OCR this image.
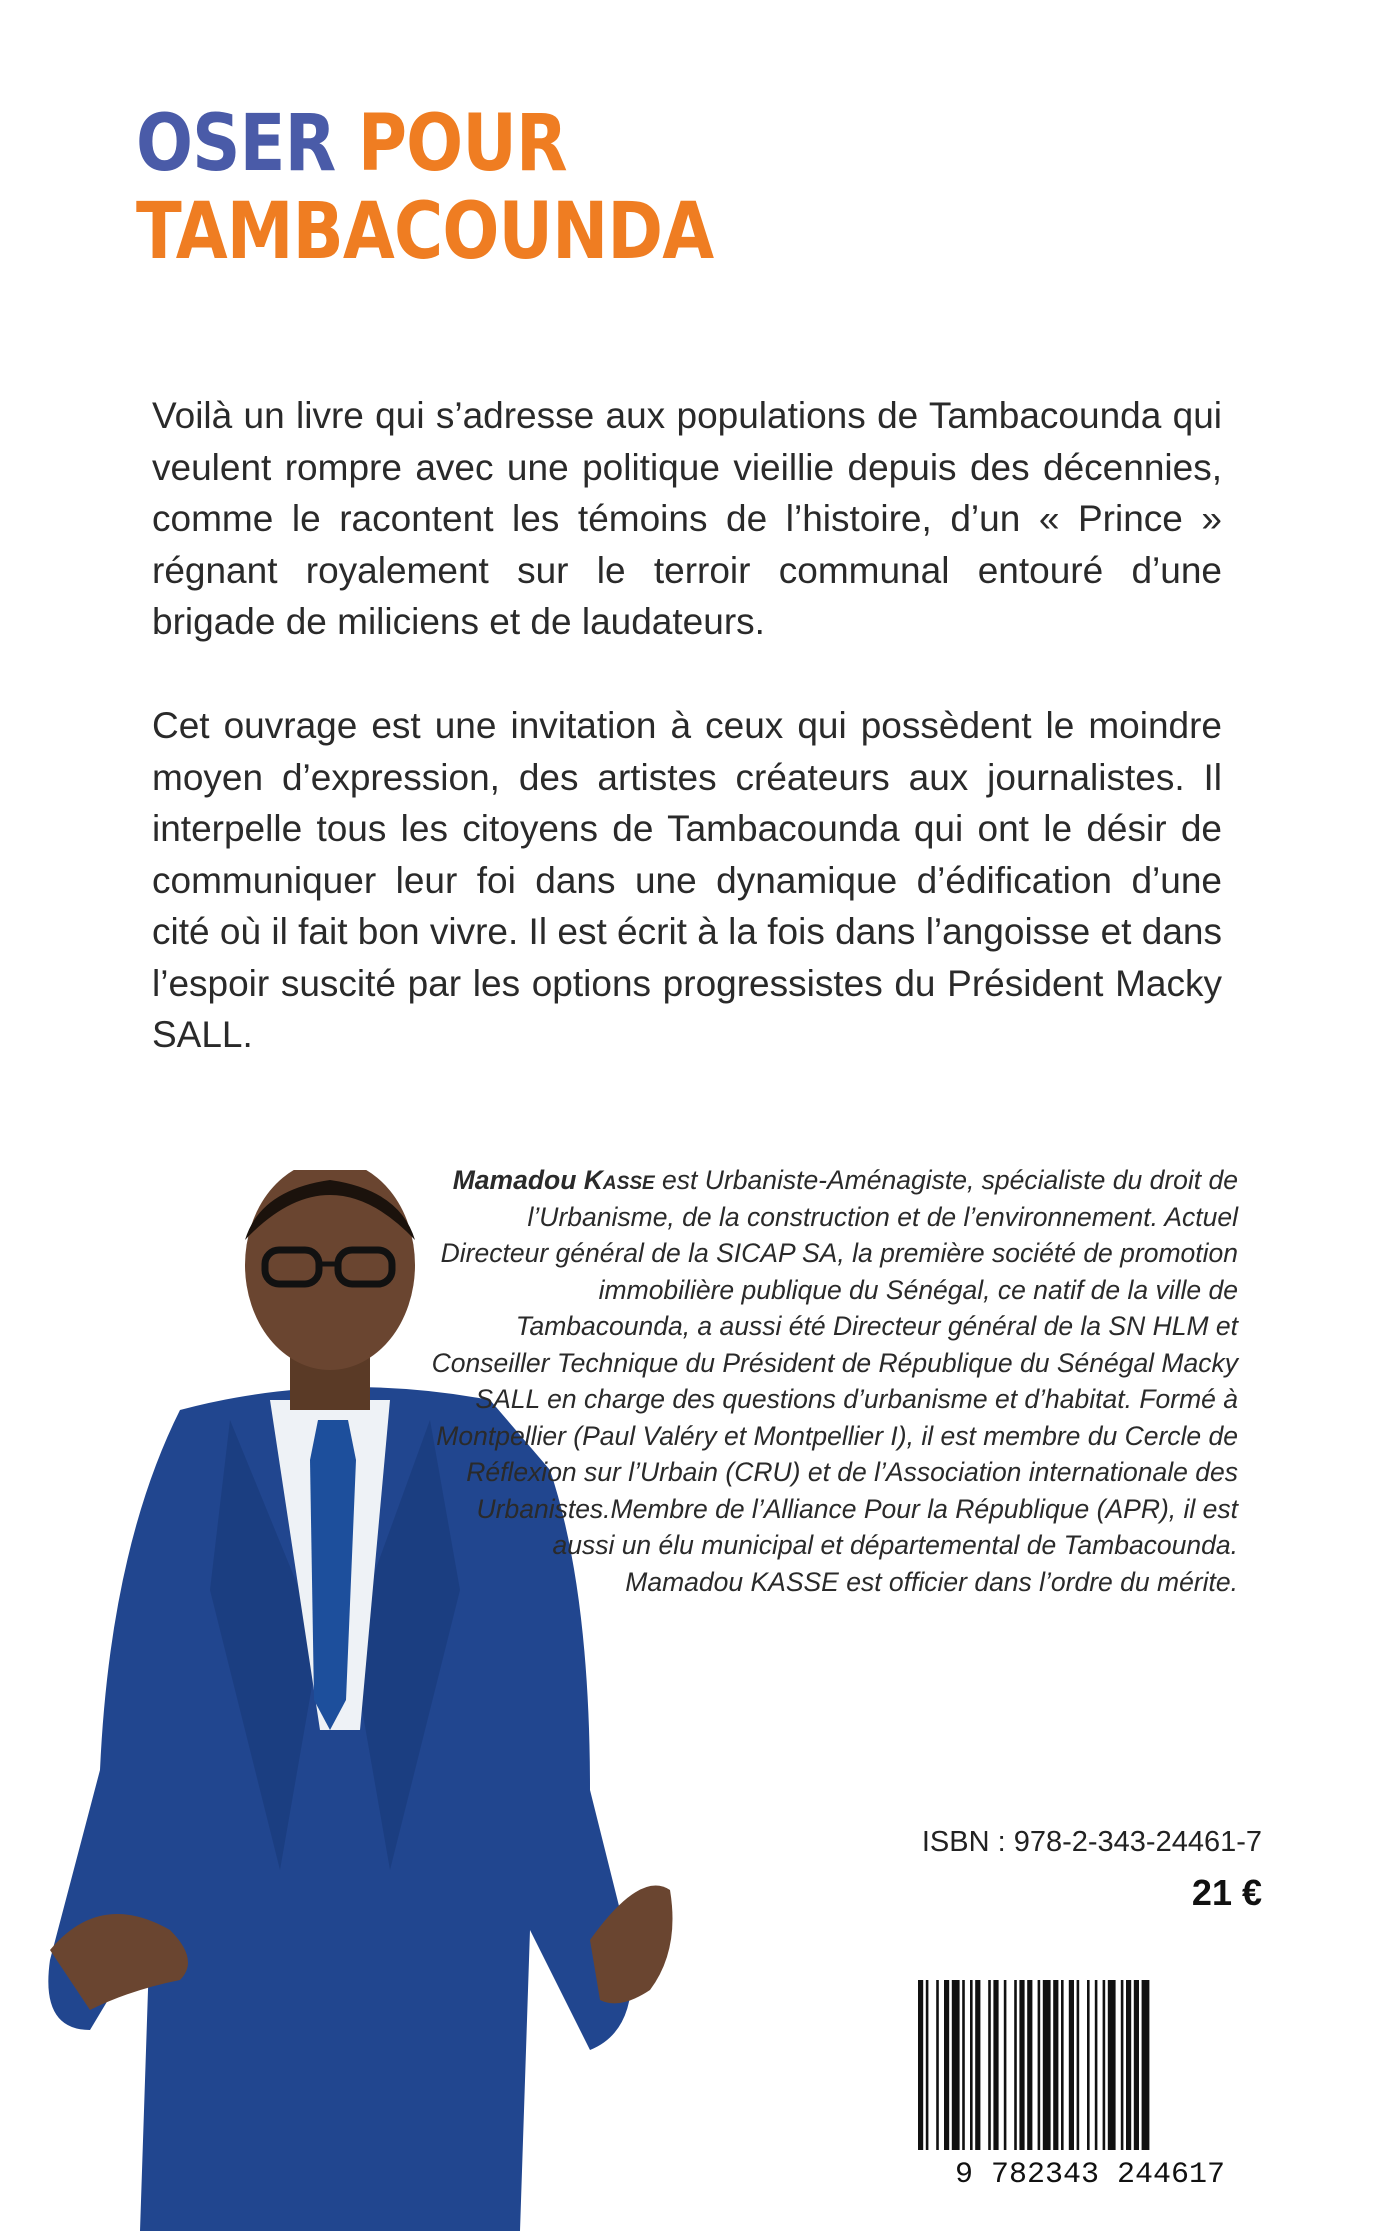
OSER POUR
TAMBACOUNDA

Voilà un livre qui s’adresse aux populations de Tambacounda qui veulent rompre avec une politique vieillie depuis des décennies, comme le racontent les témoins de l’histoire, d’un « Prince » régnant royalement sur le terroir communal entouré d’une brigade de miliciens et de laudateurs.

Cet ouvrage est une invitation à ceux qui possèdent le moindre moyen d’expression, des artistes créateurs aux journalistes. Il interpelle tous les citoyens de Tambacounda qui ont le désir de communiquer leur foi dans une dynamique d’édification d’une cité où il fait bon vivre. Il est écrit à la fois dans l’angoisse et dans l’espoir suscité par les options progressistes du Président Macky SALL.

Mamadou Kasse est Urbaniste-Aménagiste, spécialiste du droit de l’Urbanisme, de la construction et de l’environnement. Actuel Directeur général de la SICAP SA, la première société de promotion immobilière publique du Sénégal, ce natif de la ville de Tambacounda, a aussi été Directeur général de la SN HLM et Conseiller Technique du Président de République du Sénégal Macky SALL en charge des questions d’urbanisme et d’habitat. Formé à Montpellier (Paul Valéry et Montpellier I), il est membre du Cercle de Réflexion sur l’Urbain (CRU) et de l’Association internationale des Urbanistes.Membre de l’Alliance Pour la République (APR), il est aussi un élu municipal et départemental de Tambacounda. Mamadou KASSE est officier dans l’ordre du mérite.

ISBN : 978-2-343-24461-7
21 €
9 782343 244617
